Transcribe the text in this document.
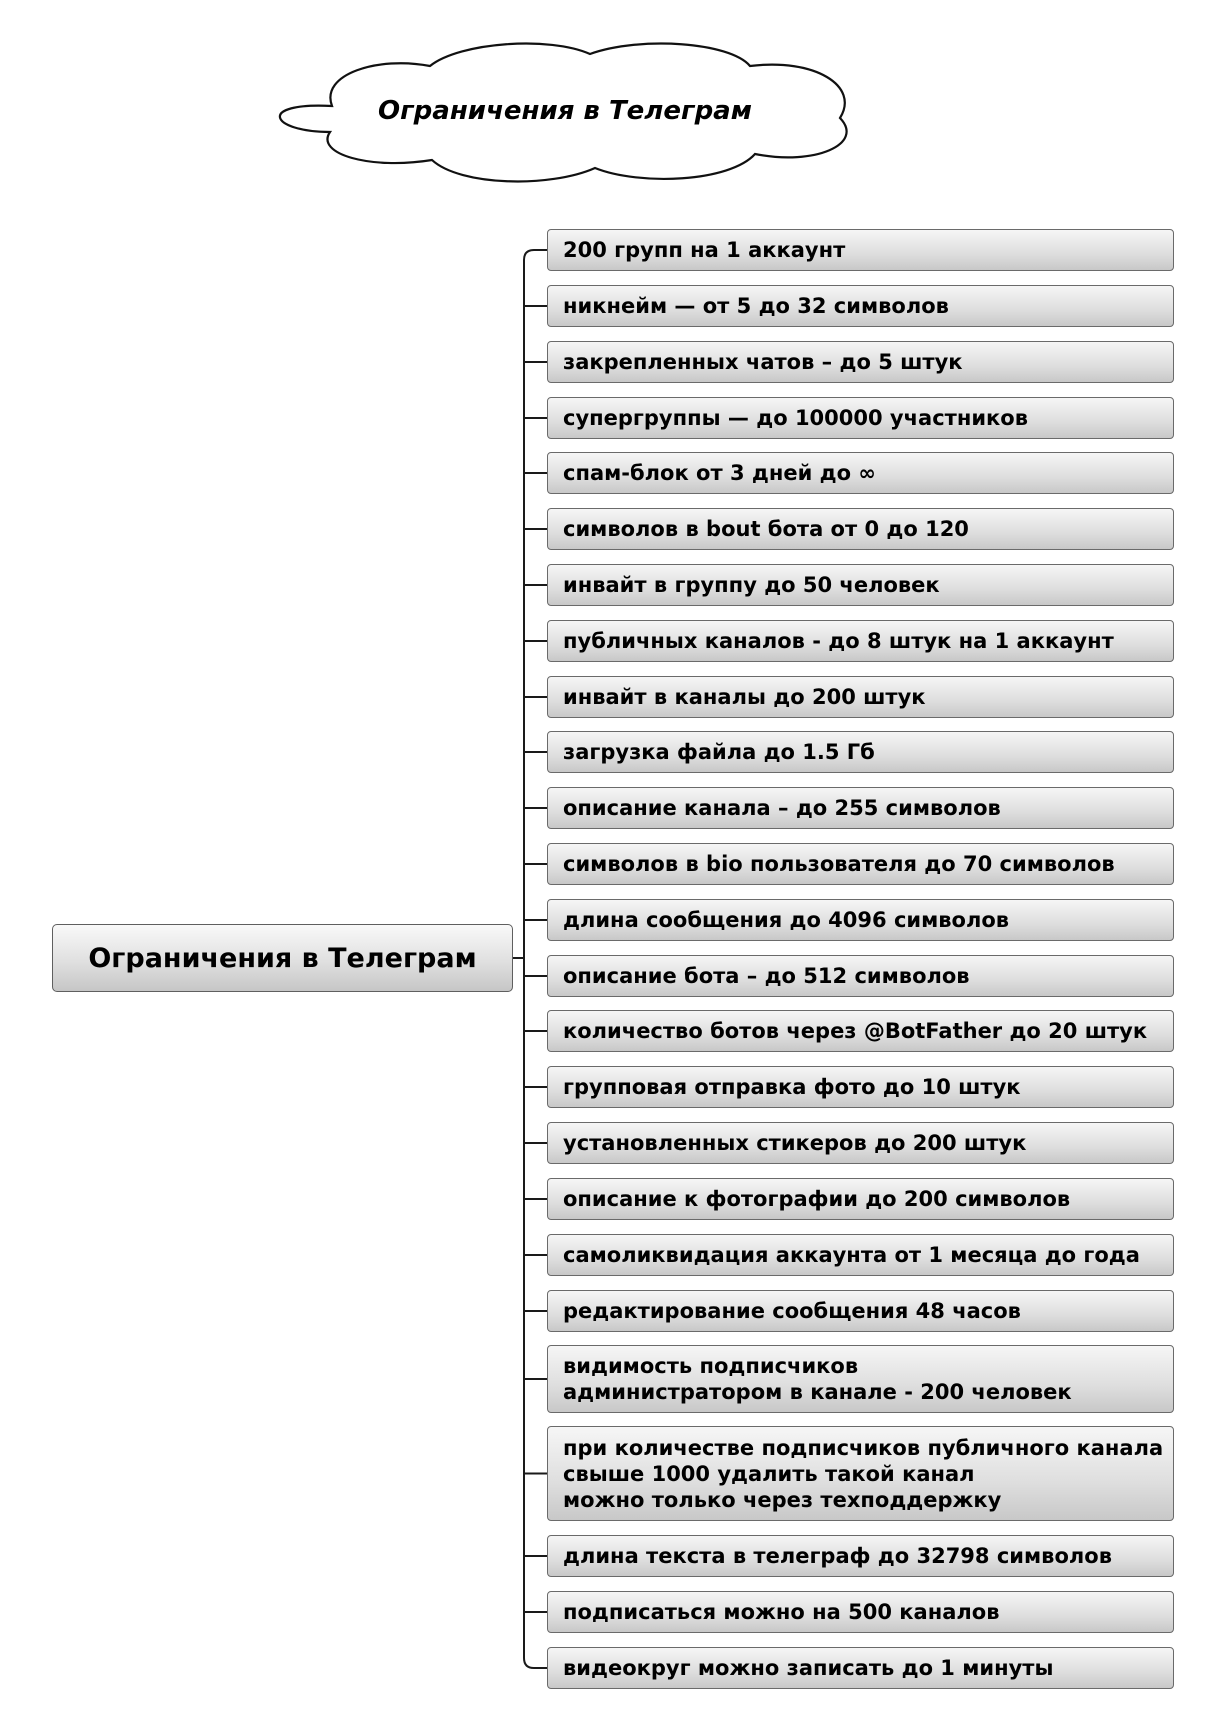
Ограничения в Телеграм
Ограничения в Телеграм
200 групп на 1 аккаунт
никнейм — от 5 до 32 символов
закрепленных чатов – до 5 штук
супергруппы — до 100000 участников
спам-блок от 3 дней до ∞
символов в bout бота от 0 до 120
инвайт в группу до 50 человек
публичных каналов - до 8 штук на 1 аккаунт
инвайт в каналы до 200 штук
загрузка файла до 1.5 Гб
описание канала – до 255 символов
символов в bio пользователя до 70 символов
длина сообщения до 4096 символов
описание бота – до 512 символов
количество ботов через @BotFather до 20 штук
групповая отправка фото до 10 штук
установленных стикеров до 200 штук
описание к фотографии до 200 символов
самоликвидация аккаунта от 1 месяца до года
редактирование сообщения 48 часов
видимость подписчиков
администратором в канале - 200 человек
при количестве подписчиков публичного канала
свыше 1000 удалить такой канал
можно только через техподдержку
длина текста в телеграф до 32798 символов
подписаться можно на 500 каналов
видеокруг можно записать до 1 минуты
